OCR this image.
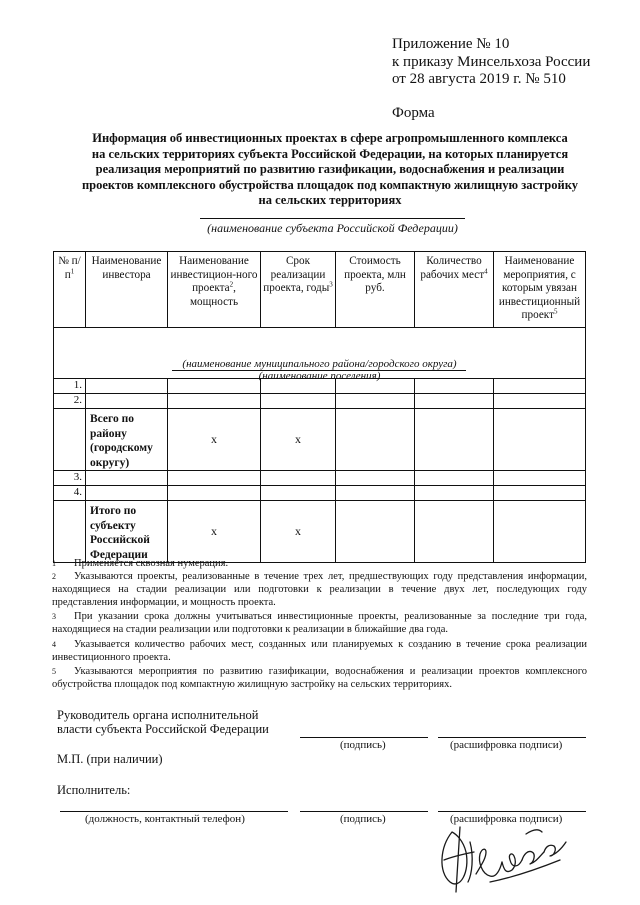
Приложение № 10
к приказу Минсельхоза России
от 28 августа 2019 г. № 510
Форма
Информация об инвестиционных проектах в сфере агропромышленного комплекса
на сельских территориях субъекта Российской Федерации, на которых планируется
реализация мероприятий по развитию газификации, водоснабжения и реализации
проектов комплексного обустройства площадок под компактную жилищную застройку
на сельских территориях
(наименование субъекта Российской Федерации)
№ $п/п^1$	Наименование инвестора	Наименование инвестицион-ного проекта$^2$, мощность	Срок реализации проекта, годы$^3$	Стоимость проекта, млн руб.	Количество рабочих мест$^4$	Наименование мероприятия, с которым увязан инвестиционный проект$^5$

(наименование муниципального района/городского округа)
(наименование поселения)						

1.						
2.						
	Всего по району (городскому округу)	х	х			
3.						
4.						
	Итого по субъекту Российской Федерации	х	х			
1	Применяется сквозная нумерация.
2	Указываются проекты, реализованные в течение трех лет, предшествующих году представления информации, находящиеся на стадии реализации или подготовки к реализации в течение двух лет, последующих году представления информации, и мощность проекта.
3	При указании срока должны учитываться инвестиционные проекты, реализованные за последние три года, находящиеся на стадии реализации или подготовки к реализации в ближайшие два года.
4	Указывается количество рабочих мест, созданных или планируемых к созданию в течение срока реализации инвестиционного проекта.
5	Указываются мероприятия по развитию газификации, водоснабжения и реализации проектов комплексного обустройства площадок под компактную жилищную застройку на сельских территориях.
Руководитель органа исполнительной
власти субъекта Российской Федерации
(подпись)	(расшифровка подписи)
М.П. (при наличии)
Исполнитель:
(должность, контактный телефон)	(подпись)	(расшифровка подписи)
